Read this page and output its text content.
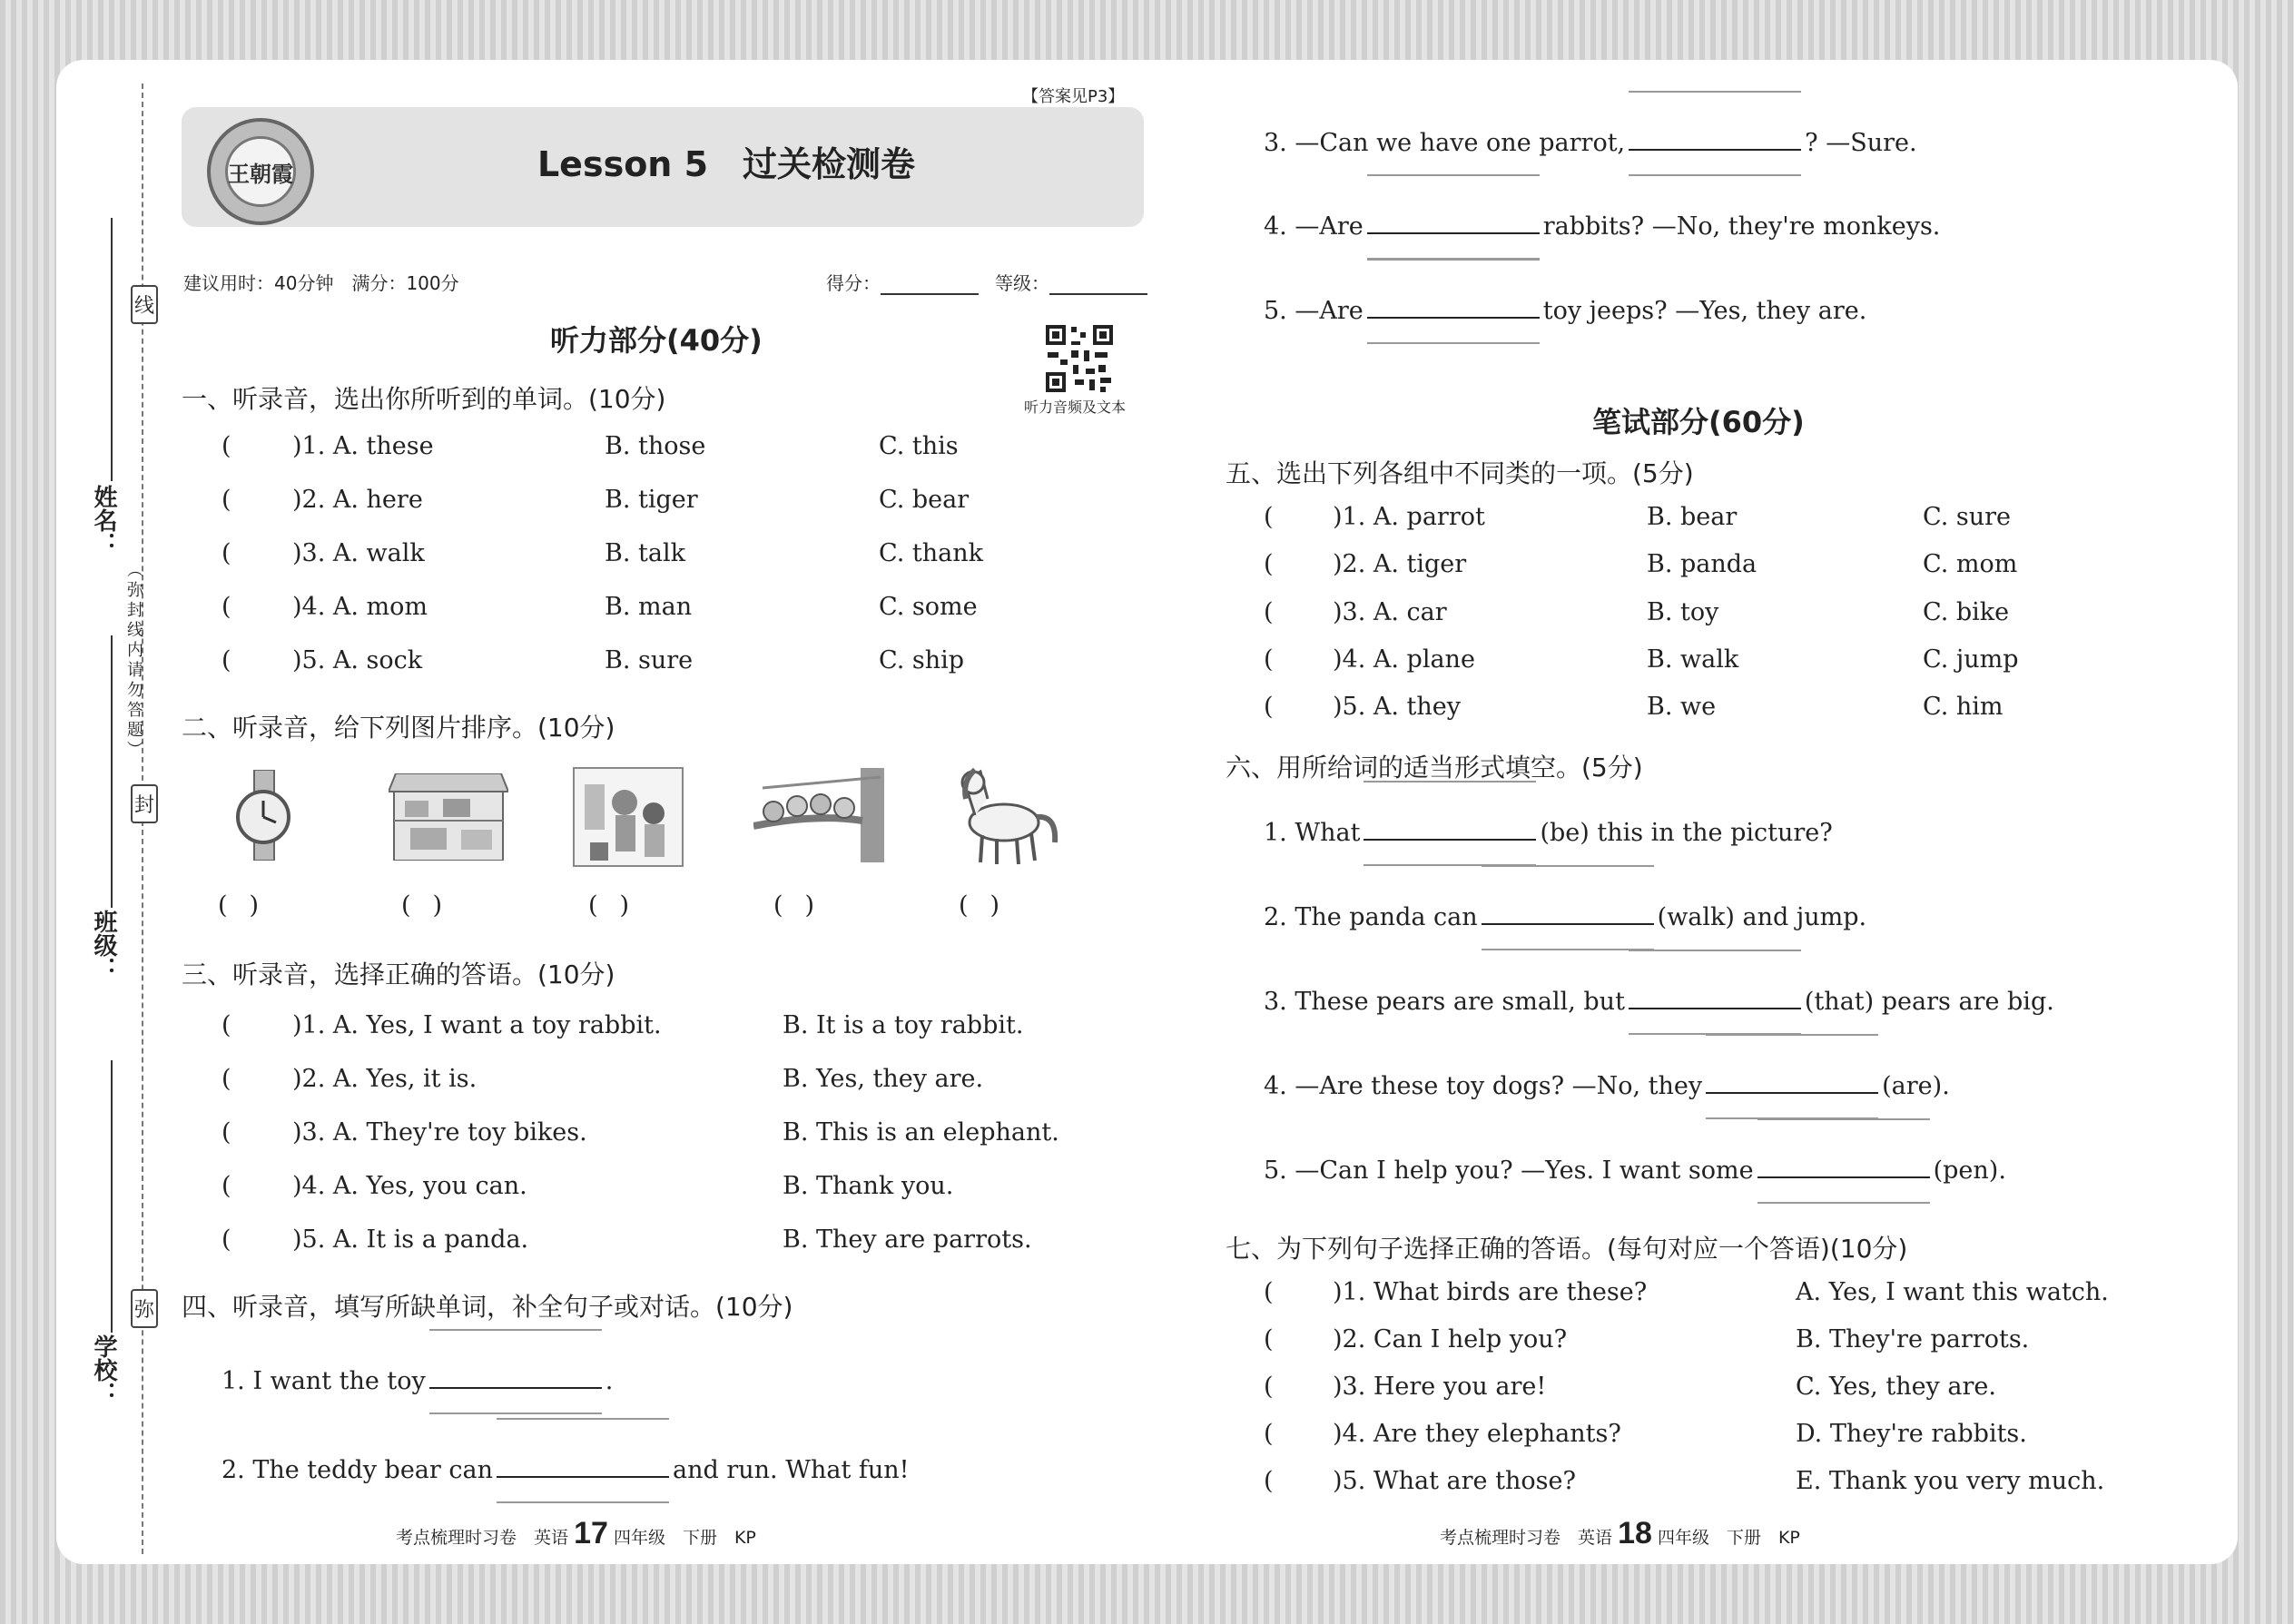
姓名：
班级：
学校：
（弥封线内请勿答题）
线
封
弥
【答案见P3】
王朝霞	Lesson 5　过关检测卷
建议用时：40分钟　满分：100分	得分：	等级：
听力部分(40分)
听力音频及文本
一、听录音，选出你所听到的单词。(10分)
(	)1. A. these	B. those	C. this
(	)2. A. here	B. tiger	C. bear
(	)3. A. walk	B. talk	C. thank
(	)4. A. mom	B. man	C. some
(	)5. A. sock	B. sure	C. ship
二、听录音，给下列图片排序。(10分)
()	()	()	()	()
三、听录音，选择正确的答语。(10分)
(	)1. A. Yes, I want a toy rabbit.	B. It is a toy rabbit.
(	)2. A. Yes, it is.	B. Yes, they are.
(	)3. A. They're toy bikes.	B. This is an elephant.
(	)4. A. Yes, you can.	B. Thank you.
(	)5. A. It is a panda.	B. They are parrots.
四、听录音，填写所缺单词，补全句子或对话。(10分)
1. I want the toy	.
2. The teddy bear can	and run. What fun!
3. —Can we have one parrot,	? —Sure.
4. —Are	rabbits? —No, they're monkeys.
5. —Are	toy jeeps? —Yes, they are.
笔试部分(60分)
五、选出下列各组中不同类的一项。(5分)
(	)1. A. parrot	B. bear	C. sure
(	)2. A. tiger	B. panda	C. mom
(	)3. A. car	B. toy	C. bike
(	)4. A. plane	B. walk	C. jump
(	)5. A. they	B. we	C. him
六、用所给词的适当形式填空。(5分)
1. What	(be) this in the picture?
2. The panda can	(walk) and jump.
3. These pears are small, but	(that) pears are big.
4. —Are these toy dogs? —No, they	(are).
5. —Can I help you? —Yes. I want some	(pen).
七、为下列句子选择正确的答语。(每句对应一个答语)(10分)
(	)1. What birds are these?	A. Yes, I want this watch.
(	)2. Can I help you?	B. They're parrots.
(	)3. Here you are!	C. Yes, they are.
(	)4. Are they elephants?	D. They're rabbits.
(	)5. What are those?	E. Thank you very much.
考点梳理时习卷　英语 17 四年级　下册　KP	考点梳理时习卷　英语 18 四年级　下册　KP
